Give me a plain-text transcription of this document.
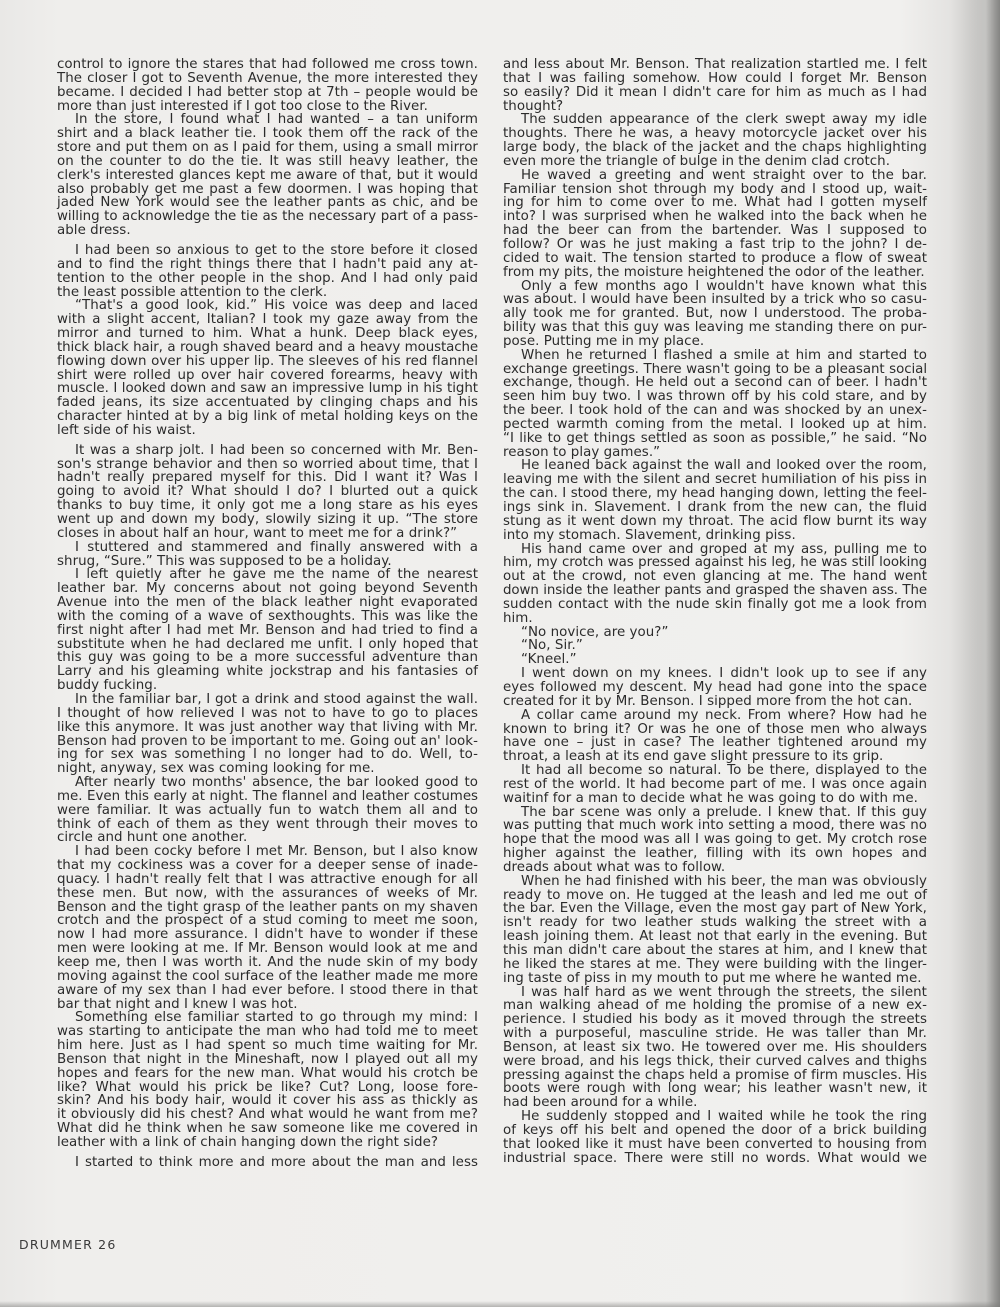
control to ignore the stares that had followed me cross town.
The closer I got to Seventh Avenue, the more interested they
became. I decided I had better stop at 7th – people would be
more than just interested if I got too close to the River.
In the store, I found what I had wanted – a tan uniform
shirt and a black leather tie. I took them off the rack of the
store and put them on as I paid for them, using a small mirror
on the counter to do the tie. It was still heavy leather, the
clerk's interested glances kept me aware of that, but it would
also probably get me past a few doormen. I was hoping that
jaded New York would see the leather pants as chic, and be
willing to acknowledge the tie as the necessary part of a pass-
able dress.
I had been so anxious to get to the store before it closed
and to find the right things there that I hadn't paid any at-
tention to the other people in the shop. And I had only paid
the least possible attention to the clerk.
“That's a good look, kid.” His voice was deep and laced
with a slight accent, Italian? I took my gaze away from the
mirror and turned to him. What a hunk. Deep black eyes,
thick black hair, a rough shaved beard and a heavy moustache
flowing down over his upper lip. The sleeves of his red flannel
shirt were rolled up over hair covered forearms, heavy with
muscle. I looked down and saw an impressive lump in his tight
faded jeans, its size accentuated by clinging chaps and his
character hinted at by a big link of metal holding keys on the
left side of his waist.
It was a sharp jolt. I had been so concerned with Mr. Ben-
son's strange behavior and then so worried about time, that I
hadn't really prepared myself for this. Did I want it? Was I
going to avoid it? What should I do? I blurted out a quick
thanks to buy time, it only got me a long stare as his eyes
went up and down my body, slowily sizing it up. “The store
closes in about half an hour, want to meet me for a drink?”
I stuttered and stammered and finally answered with a
shrug, “Sure.” This was supposed to be a holiday.
I left quietly after he gave me the name of the nearest
leather bar. My concerns about not going beyond Seventh
Avenue into the men of the black leather night evaporated
with the coming of a wave of sexthoughts. This was like the
first night after I had met Mr. Benson and had tried to find a
substitute when he had declared me unfit. I only hoped that
this guy was going to be a more successful adventure than
Larry and his gleaming white jockstrap and his fantasies of
buddy fucking.
In the familiar bar, I got a drink and stood against the wall.
I thought of how relieved I was not to have to go to places
like this anymore. It was just another way that living with Mr.
Benson had proven to be important to me. Going out an' look-
ing for sex was something I no longer had to do. Well, to-
night, anyway, sex was coming looking for me.
After nearly two months' absence, the bar looked good to
me. Even this early at night. The flannel and leather costumes
were familiar. It was actually fun to watch them all and to
think of each of them as they went through their moves to
circle and hunt one another.
I had been cocky before I met Mr. Benson, but I also know
that my cockiness was a cover for a deeper sense of inade-
quacy. I hadn't really felt that I was attractive enough for all
these men. But now, with the assurances of weeks of Mr.
Benson and the tight grasp of the leather pants on my shaven
crotch and the prospect of a stud coming to meet me soon,
now I had more assurance. I didn't have to wonder if these
men were looking at me. If Mr. Benson would look at me and
keep me, then I was worth it. And the nude skin of my body
moving against the cool surface of the leather made me more
aware of my sex than I had ever before. I stood there in that
bar that night and I knew I was hot.
Something else familiar started to go through my mind: I
was starting to anticipate the man who had told me to meet
him here. Just as I had spent so much time waiting for Mr.
Benson that night in the Mineshaft, now I played out all my
hopes and fears for the new man. What would his crotch be
like? What would his prick be like? Cut? Long, loose fore-
skin? And his body hair, would it cover his ass as thickly as
it obviously did his chest? And what would he want from me?
What did he think when he saw someone like me covered in
leather with a link of chain hanging down the right side?
I started to think more and more about the man and less
and less about Mr. Benson. That realization startled me. I felt
that I was failing somehow. How could I forget Mr. Benson
so easily? Did it mean I didn't care for him as much as I had
thought?
The sudden appearance of the clerk swept away my idle
thoughts. There he was, a heavy motorcycle jacket over his
large body, the black of the jacket and the chaps highlighting
even more the triangle of bulge in the denim clad crotch.
He waved a greeting and went straight over to the bar.
Familiar tension shot through my body and I stood up, wait-
ing for him to come over to me. What had I gotten myself
into? I was surprised when he walked into the back when he
had the beer can from the bartender. Was I supposed to
follow? Or was he just making a fast trip to the john? I de-
cided to wait. The tension started to produce a flow of sweat
from my pits, the moisture heightened the odor of the leather.
Only a few months ago I wouldn't have known what this
was about. I would have been insulted by a trick who so casu-
ally took me for granted. But, now I understood. The proba-
bility was that this guy was leaving me standing there on pur-
pose. Putting me in my place.
When he returned I flashed a smile at him and started to
exchange greetings. There wasn't going to be a pleasant social
exchange, though. He held out a second can of beer. I hadn't
seen him buy two. I was thrown off by his cold stare, and by
the beer. I took hold of the can and was shocked by an unex-
pected warmth coming from the metal. I looked up at him.
“I like to get things settled as soon as possible,” he said. “No
reason to play games.”
He leaned back against the wall and looked over the room,
leaving me with the silent and secret humiliation of his piss in
the can. I stood there, my head hanging down, letting the feel-
ings sink in. Slavement. I drank from the new can, the fluid
stung as it went down my throat. The acid flow burnt its way
into my stomach. Slavement, drinking piss.
His hand came over and groped at my ass, pulling me to
him, my crotch was pressed against his leg, he was still looking
out at the crowd, not even glancing at me. The hand went
down inside the leather pants and grasped the shaven ass. The
sudden contact with the nude skin finally got me a look from
him.
“No novice, are you?”
“No, Sir.”
“Kneel.”
I went down on my knees. I didn't look up to see if any
eyes followed my descent. My head had gone into the space
created for it by Mr. Benson. I sipped more from the hot can.
A collar came around my neck. From where? How had he
known to bring it? Or was he one of those men who always
have one – just in case? The leather tightened around my
throat, a leash at its end gave slight pressure to its grip.
It had all become so natural. To be there, displayed to the
rest of the world. It had become part of me. I was once again
waitinf for a man to decide what he was going to do with me.
The bar scene was only a prelude. I knew that. If this guy
was putting that much work into setting a mood, there was no
hope that the mood was all I was going to get. My crotch rose
higher against the leather, filling with its own hopes and
dreads about what was to follow.
When he had finished with his beer, the man was obviously
ready to move on. He tugged at the leash and led me out of
the bar. Even the Village, even the most gay part of New York,
isn't ready for two leather studs walking the street with a
leash joining them. At least not that early in the evening. But
this man didn't care about the stares at him, and I knew that
he liked the stares at me. They were building with the linger-
ing taste of piss in my mouth to put me where he wanted me.
I was half hard as we went through the streets, the silent
man walking ahead of me holding the promise of a new ex-
perience. I studied his body as it moved through the streets
with a purposeful, masculine stride. He was taller than Mr.
Benson, at least six two. He towered over me. His shoulders
were broad, and his legs thick, their curved calves and thighs
pressing against the chaps held a promise of firm muscles. His
boots were rough with long wear; his leather wasn't new, it
had been around for a while.
He suddenly stopped and I waited while he took the ring
of keys off his belt and opened the door of a brick building
that looked like it must have been converted to housing from
industrial space. There were still no words. What would we
DRUMMER 26
